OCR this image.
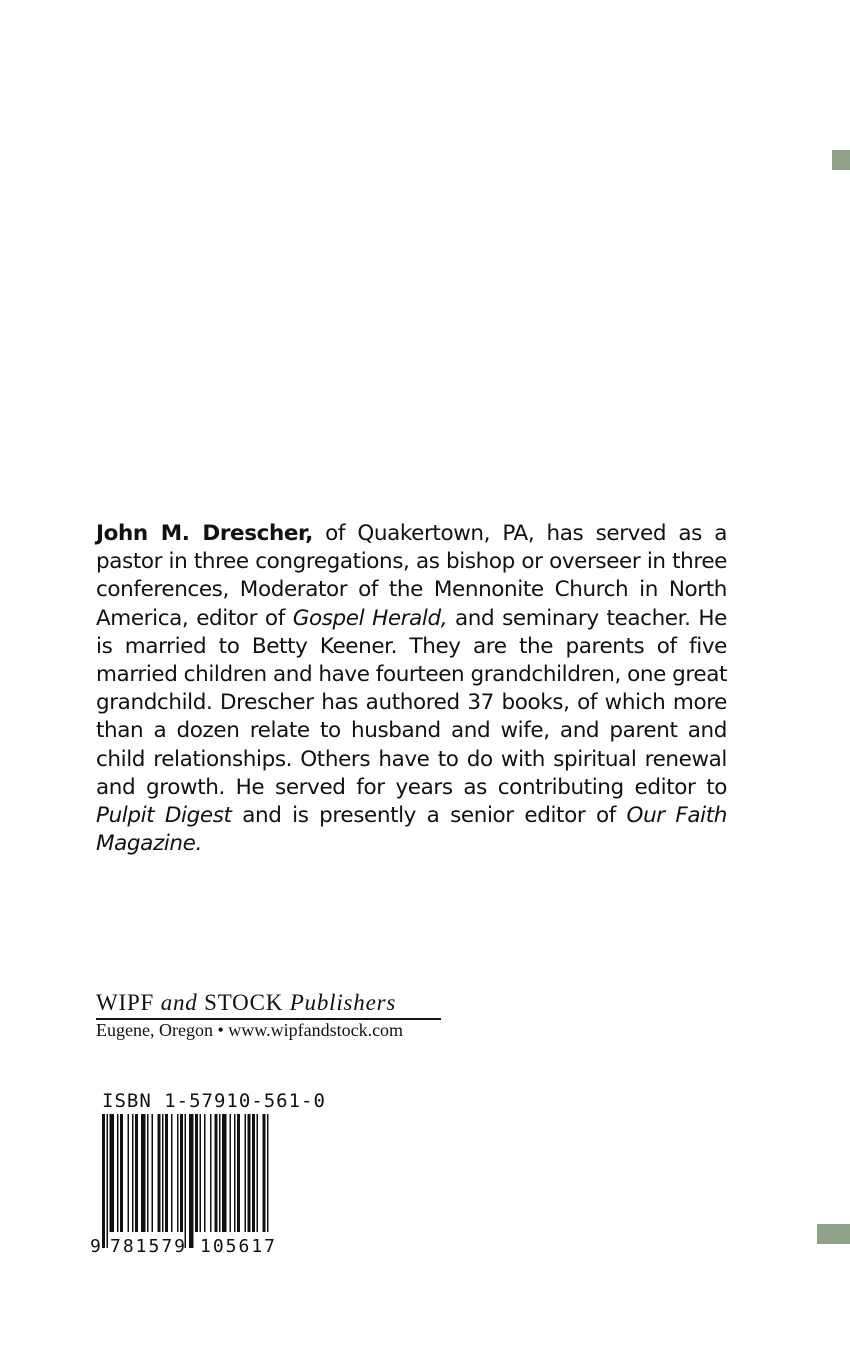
John M. Drescher, of Quakertown, PA, has served as a pastor in three congregations, as bishop or overseer in three conferences, Moderator of the Mennonite Church in North America, editor of Gospel Herald, and seminary teacher. He is married to Betty Keener. They are the parents of five married children and have fourteen grandchildren, one great grandchild. Drescher has authored 37 books, of which more than a dozen relate to husband and wife, and parent and child relationships. Others have to do with spiritual renewal and growth. He served for years as contributing editor to Pulpit Digest and is presently a senior editor of Our Faith Magazine.
WIPF and STOCK Publishers
Eugene, Oregon • www.wipfandstock.com
ISBN 1-57910-561-0
9 781579 105617
